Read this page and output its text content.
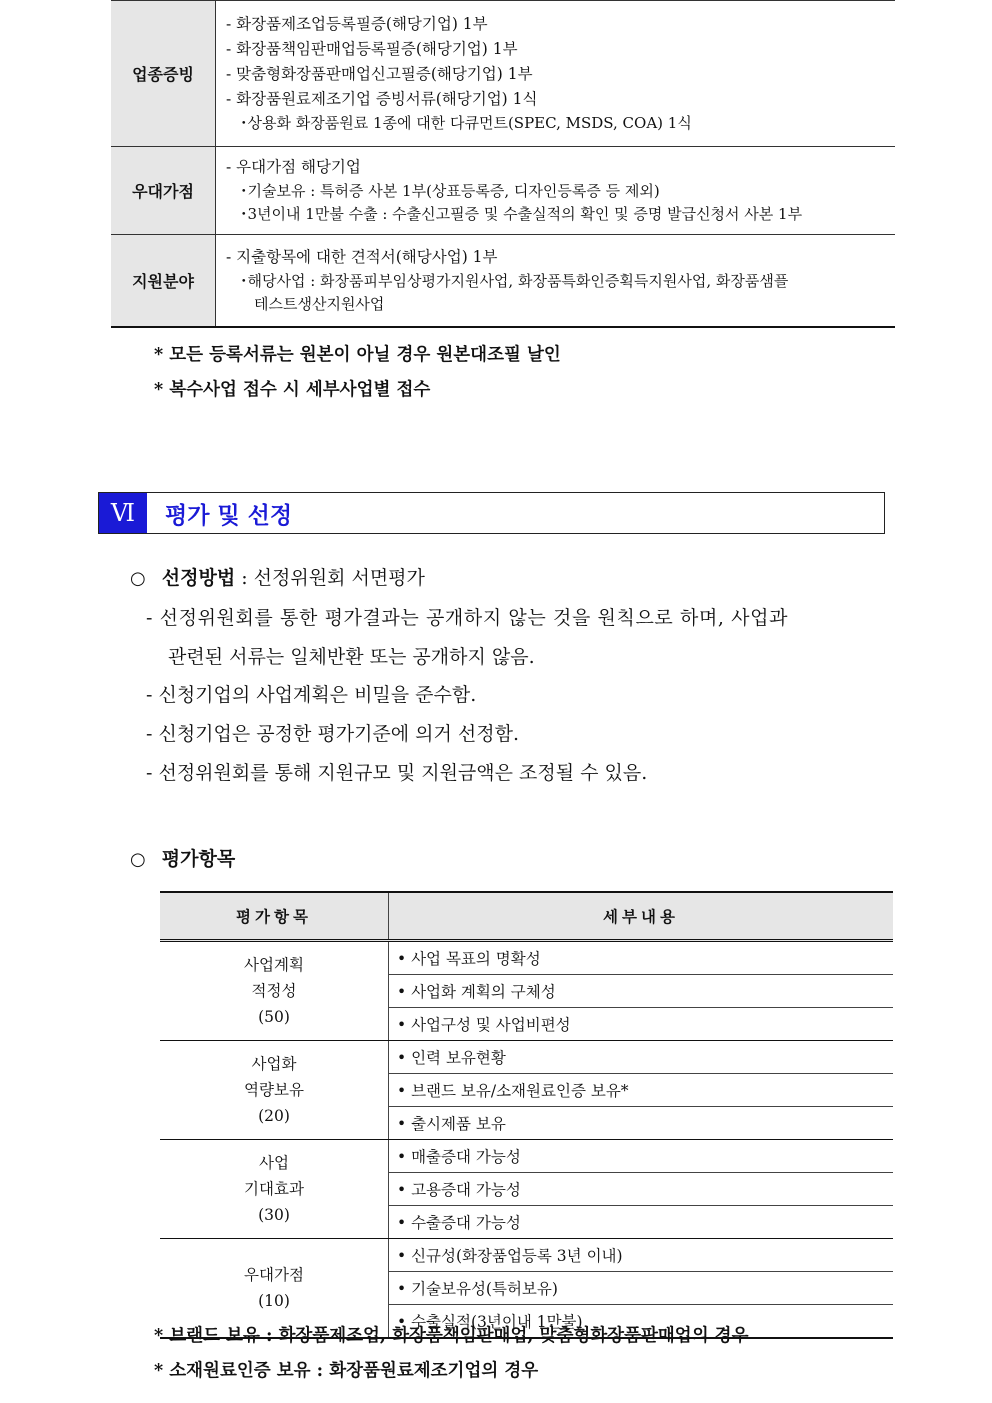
업종증빙	- 화장품제조업등록필증(해당기업) 1부
- 화장품책임판매업등록필증(해당기업) 1부
- 맞춤형화장품판매업신고필증(해당기업) 1부
- 화장품원료제조기업 증빙서류(해당기업) 1식
･상용화 화장품원료 1종에 대한 다큐먼트(SPEC, MSDS, COA) 1식

우대가점	- 우대가점 해당기업
･기술보유 : 특허증 사본 1부(상표등록증, 디자인등록증 등 제외)
･3년이내 1만불 수출 : 수출신고필증 및 수출실적의 확인 및 증명 발급신청서 사본 1부

지원분야	- 지출항목에 대한 견적서(해당사업) 1부
･해당사업 : 화장품피부임상평가지원사업, 화장품특화인증획득지원사업, 화장품샘플
테스트생산지원사업
* 모든 등록서류는 원본이 아닐 경우 원본대조필 날인
* 복수사업 접수 시 세부사업별 접수
Ⅵ	평가 및 선정
○ 선정방법 : 선정위원회 서면평가
- 선정위원회를 통한 평가결과는 공개하지 않는 것을 원칙으로 하며, 사업과
관련된 서류는 일체반환 또는 공개하지 않음.
- 신청기업의 사업계획은 비밀을 준수함.
- 신청기업은 공정한 평가기준에 의거 선정함.
- 선정위원회를 통해 지원규모 및 지원금액은 조정될 수 있음.
○ 평가항목
평가항목	세부내용

사업계획
적정성
(50)	• 사업 목표의 명확성
	• 사업화 계획의 구체성
	• 사업구성 및 사업비편성

사업화
역량보유
(20)	• 인력 보유현황
	• 브랜드 보유/소재원료인증 보유*
	• 출시제품 보유

사업
기대효과
(30)	• 매출증대 가능성
	• 고용증대 가능성
	• 수출증대 가능성

우대가점
(10)	• 신규성(화장품업등록 3년 이내)
	• 기술보유성(특허보유)
	• 수출실적(3년이내 1만불)
* 브랜드 보유 : 화장품제조업, 화장품책임판매업, 맞춤형화장품판매업의 경우
* 소재원료인증 보유 : 화장품원료제조기업의 경우
